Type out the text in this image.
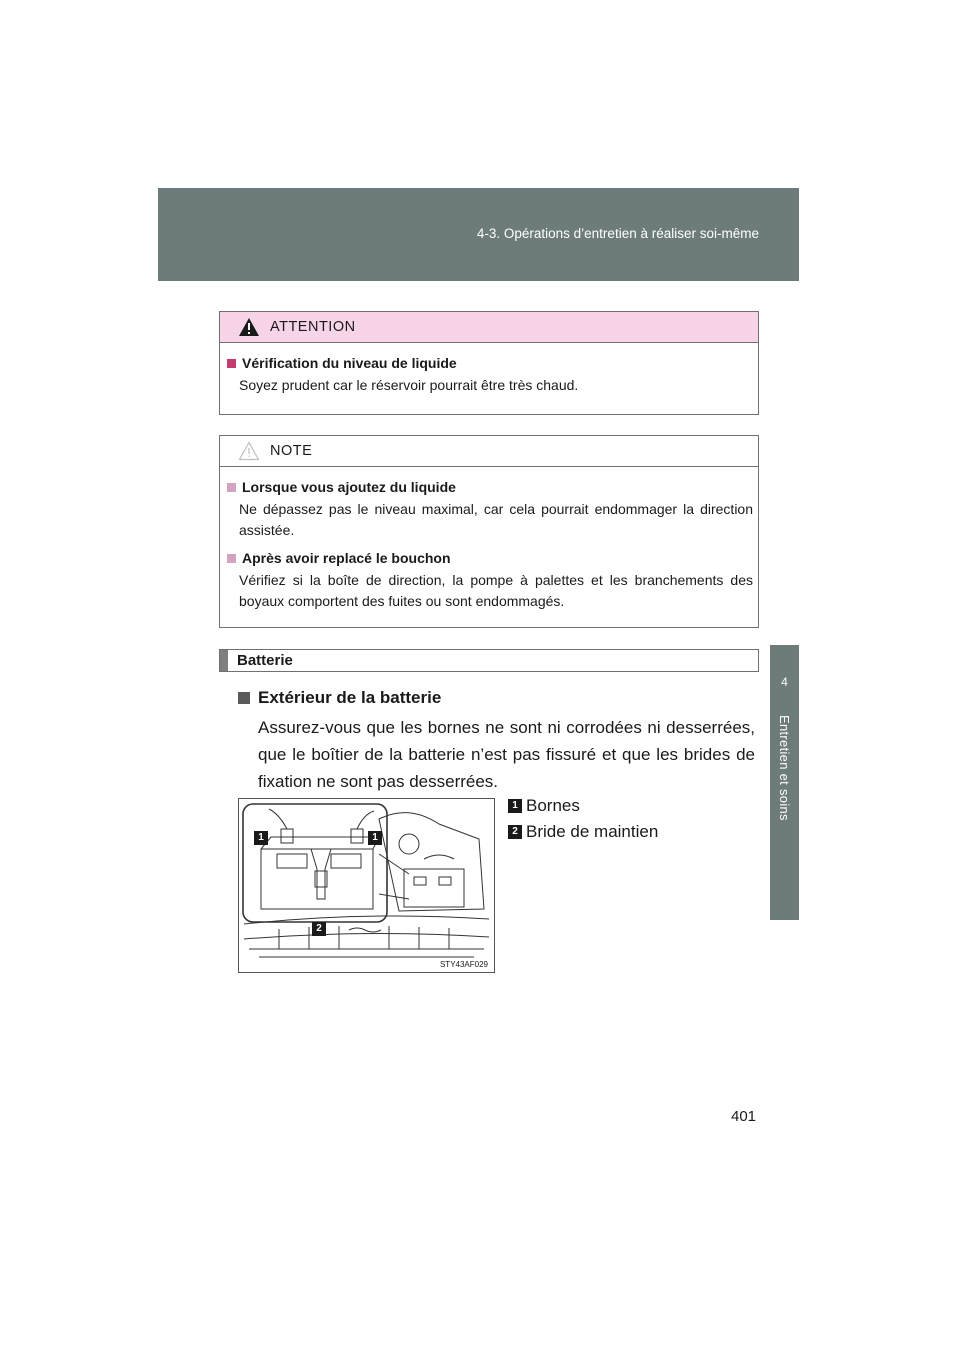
4-3. Opérations d’entretien à réaliser soi-même
4
Entretien et soins
ATTENTION
Vérification du niveau de liquide
Soyez prudent car le réservoir pourrait être très chaud.
NOTE
Lorsque vous ajoutez du liquide
Ne dépassez pas le niveau maximal, car cela pourrait endommager la direction assistée.
Après avoir replacé le bouchon
Vérifiez si la boîte de direction, la pompe à palettes et les branchements des boyaux comportent des fuites ou sont endommagés.
Batterie
Extérieur de la batterie
Assurez-vous que les bornes ne sont ni corrodées ni desserrées, que le boîtier de la batterie n’est pas fissuré et que les brides de fixation ne sont pas desserrées.
1	1
2
STY43AF029
1 Bornes
2 Bride de maintien
401
